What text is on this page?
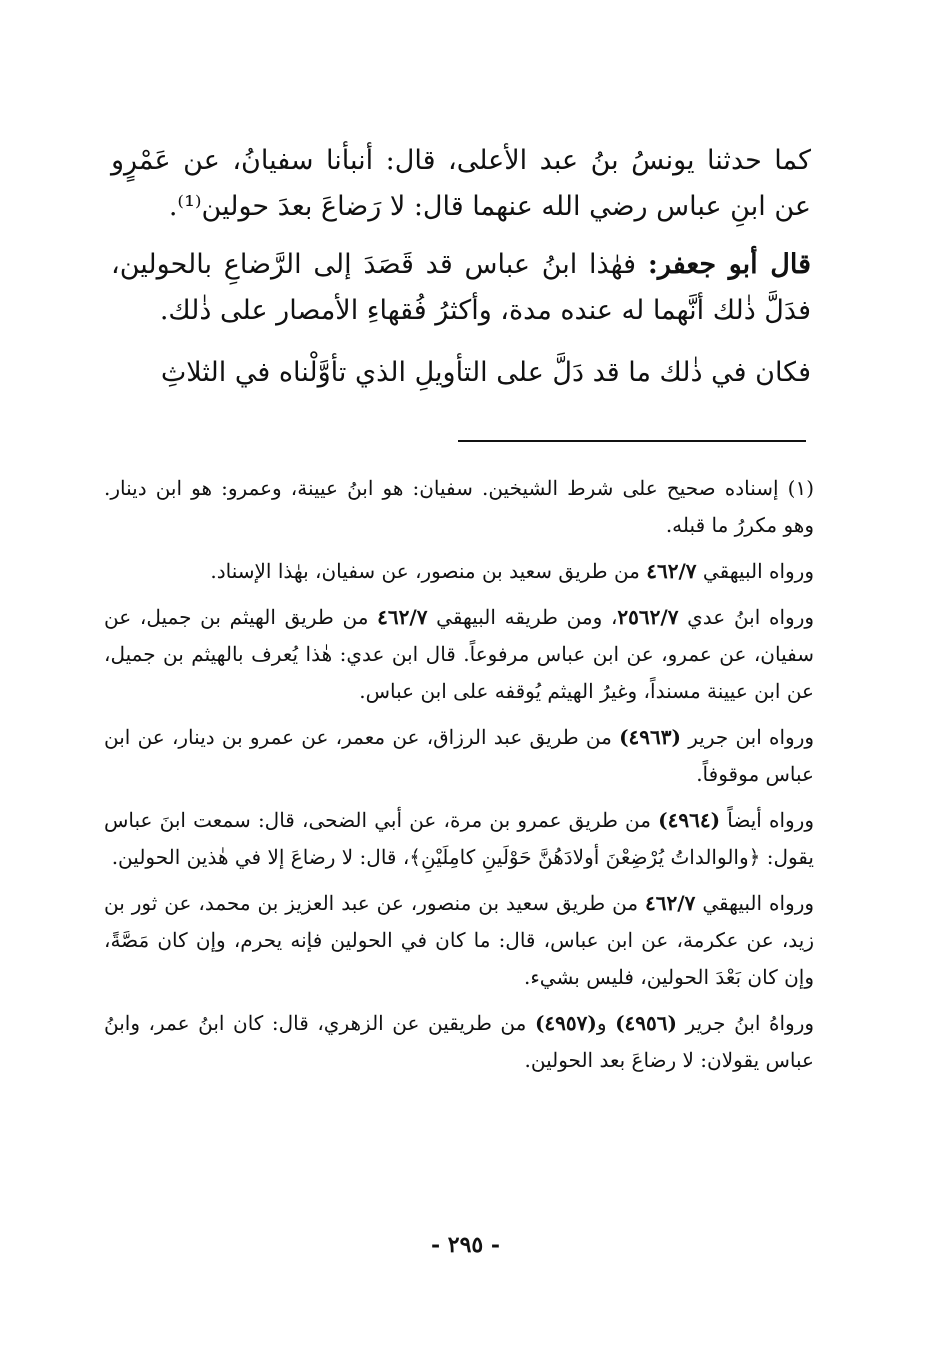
كما حدثنا يونسُ بنُ عبد الأعلى، قال: أنبأنا سفيانُ، عن عَمْرٍو عن ابنِ عباس رضي الله عنهما قال: لا رَضاعَ بعدَ حولين⁽¹⁾.

قال أبو جعفر: فهٰذا ابنُ عباس قد قَصَدَ إلى الرَّضاعِ بالحولين، فدَلَّ ذٰلك أنَّهما له عنده مدة، وأكثرُ فُقهاءِ الأمصار على ذٰلك.

فكان في ذٰلك ما قد دَلَّ على التأويلِ الذي تأوَّلْناه في الثلاثِ

(١) إسناده صحيح على شرط الشيخين. سفيان: هو ابنُ عيينة، وعمرو: هو ابن دينار. وهو مكررُ ما قبله.

ورواه البيهقي ٤٦٢/٧ من طريق سعيد بن منصور، عن سفيان، بهٰذا الإسناد.

ورواه ابنُ عدي ٢٥٦٢/٧، ومن طريقه البيهقي ٤٦٢/٧ من طريق الهيثم بن جميل، عن سفيان، عن عمرو، عن ابن عباس مرفوعاً. قال ابن عدي: هٰذا يُعرف بالهيثم بن جميل، عن ابن عيينة مسنداً، وغيرُ الهيثم يُوقفه على ابن عباس.

ورواه ابن جرير (٤٩٦٣) من طريق عبد الرزاق، عن معمر، عن عمرو بن دينار، عن ابن عباس موقوفاً.

ورواه أيضاً (٤٩٦٤) من طريق عمرو بن مرة، عن أبي الضحى، قال: سمعت ابنَ عباس يقول: ﴿والوالداتُ يُرْضِعْنَ أولادَهُنَّ حَوْلَينِ كامِلَيْنِ﴾، قال: لا رضاعَ إلا في هٰذين الحولين.

ورواه البيهقي ٤٦٢/٧ من طريق سعيد بن منصور، عن عبد العزيز بن محمد، عن ثور بن زيد، عن عكرمة، عن ابن عباس، قال: ما كان في الحولين فإنه يحرم، وإن كان مَصَّةً، وإن كان بَعْدَ الحولين، فليس بشيء.

ورواهُ ابنُ جرير (٤٩٥٦) و(٤٩٥٧) من طريقين عن الزهري، قال: كان ابنُ عمر، وابنُ عباس يقولان: لا رضاعَ بعد الحولين.

- ٢٩٥ -
